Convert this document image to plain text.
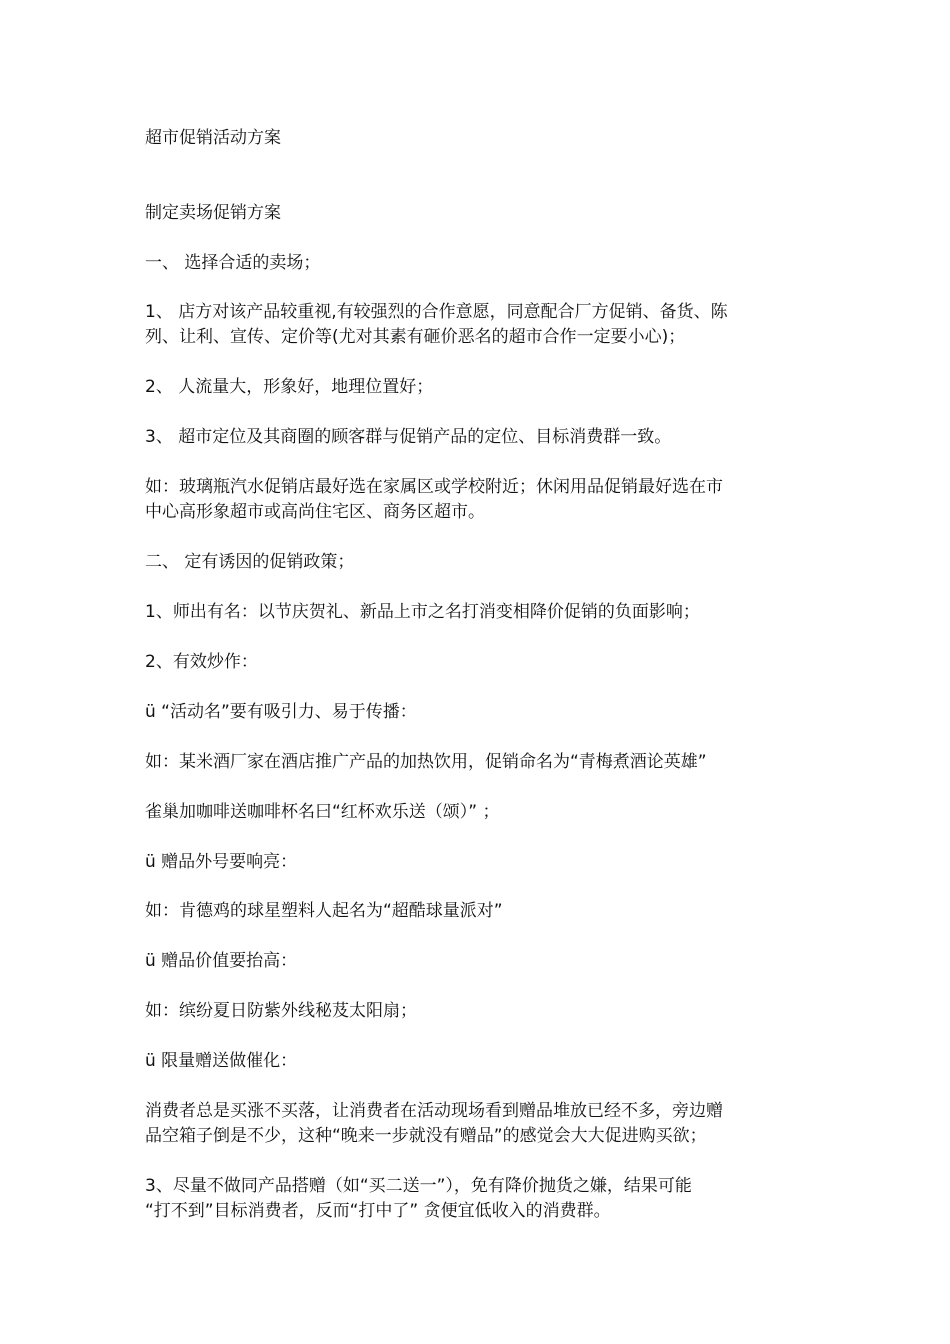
超市促销活动方案
制定卖场促销方案
一、 选择合适的卖场；
1、 店方对该产品较重视,有较强烈的合作意愿，同意配合厂方促销、备货、陈
列、让利、宣传、定价等(尤对其素有砸价恶名的超市合作一定要小心)；
2、 人流量大，形象好，地理位置好；
3、 超市定位及其商圈的顾客群与促销产品的定位、目标消费群一致。
如：玻璃瓶汽水促销店最好选在家属区或学校附近；休闲用品促销最好选在市
中心高形象超市或高尚住宅区、商务区超市。
二、 定有诱因的促销政策；
1、师出有名：以节庆贺礼、新品上市之名打消变相降价促销的负面影响；
2、有效炒作：
ü “活动名”要有吸引力、易于传播：
如：某米酒厂家在酒店推广产品的加热饮用，促销命名为“青梅煮酒论英雄”
雀巢加咖啡送咖啡杯名曰“红杯欢乐送（颂）” ；
ü 赠品外号要响亮：
如：肯德鸡的球星塑料人起名为“超酷球量派对”
ü 赠品价值要抬高：
如：缤纷夏日防紫外线秘芨太阳扇；
ü 限量赠送做催化：
消费者总是买涨不买落，让消费者在活动现场看到赠品堆放已经不多，旁边赠
品空箱子倒是不少，这种“晚来一步就没有赠品”的感觉会大大促进购买欲；
3、尽量不做同产品搭赠（如“买二送一”），免有降价抛货之嫌，结果可能
“打不到”目标消费者，反而“打中了” 贪便宜低收入的消费群。
